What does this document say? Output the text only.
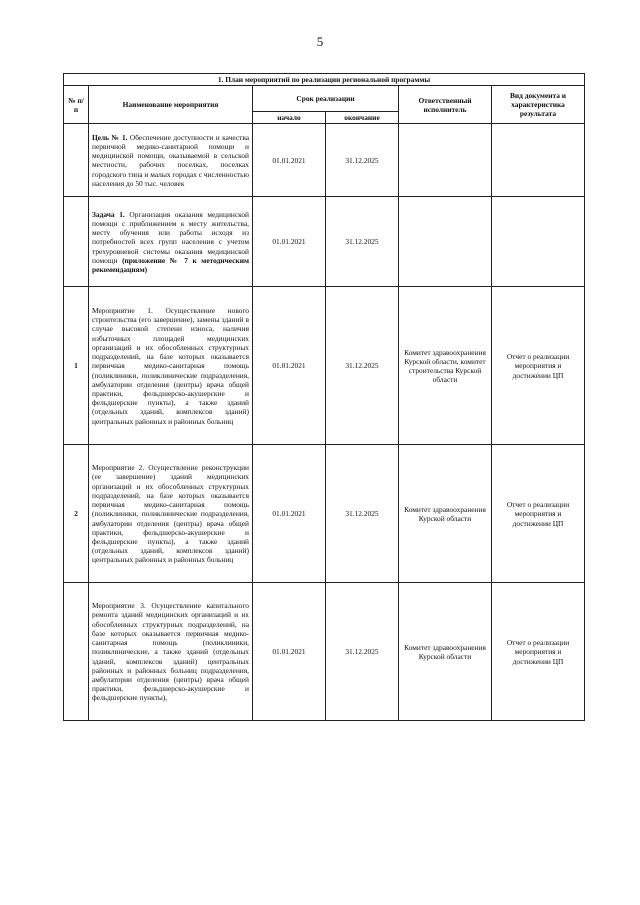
5
1. План мероприятий по реализации региональной программы					
№ п/п	Наименование мероприятия	Срок реализации		Ответственный исполнитель	Вид документа и характеристика результата
		начало	окончание		
	Цель № 1. Обеспечение доступности и качества первичной медико-санитарной помощи и медицинской помощи, оказываемой в сельской местности, рабочих поселках, поселках городского типа и малых городах с численностью населения до 50 тыс. человек	01.01.2021	31.12.2025		
	Задача 1. Организация оказания медицинской помощи с приближением к месту жительства, месту обучения или работы исходя из потребностей всех групп населения с учетом трехуровневой системы оказания медицинской помощи (приложение № 7 к методическим рекомендациям)	01.01.2021	31.12.2025		
1	Мероприятие 1. Осуществление нового строительства (его завершение), замены зданий в случае высокой степени износа, наличия избыточных площадей медицинских организаций и их обособленных структурных подразделений, на базе которых оказывается первичная медико-санитарная помощь (поликлиники, поликлинические подразделения, амбулатории отделения (центры) врача общей практики, фельдшерско-акушерские и фельдшерские пункты), а также зданий (отдельных зданий, комплексов зданий) центральных районных и районных больниц	01.01.2021	31.12.2025	Комитет здравоохранения Курской области, комитет строительства Курской области	Отчет о реализации мероприятия и достижении ЦП
2	Мероприятие 2. Осуществление реконструкции (ее завершение) зданий медицинских организаций и их обособленных структурных подразделений, на базе которых оказывается первичная медико-санитарная помощь (поликлиники, поликлинические подразделения, амбулатории отделения (центры) врача общей практики, фельдшерско-акушерские и фельдшерские пункты), а также зданий (отдельных зданий, комплексов зданий) центральных районных и районных больниц	01.01.2021	31.12.2025	Комитет здравоохранения Курской области	Отчет о реализации мероприятия и достижении ЦП
	Мероприятие 3. Осуществление капитального ремонта зданий медицинских организаций и их обособленных структурных подразделений, на базе которых оказывается первичная медико-санитарная помощь (поликлиники, поликлинические, а также зданий (отдельных зданий, комплексов зданий) центральных районных и районных больниц подразделения, амбулатории отделения (центры) врача общей практики, фельдшерско-акушерские и фельдшерские пункты),	01.01.2021	31.12.2025	Комитет здравоохранения Курской области	Отчет о реализации мероприятия и достижении ЦП
